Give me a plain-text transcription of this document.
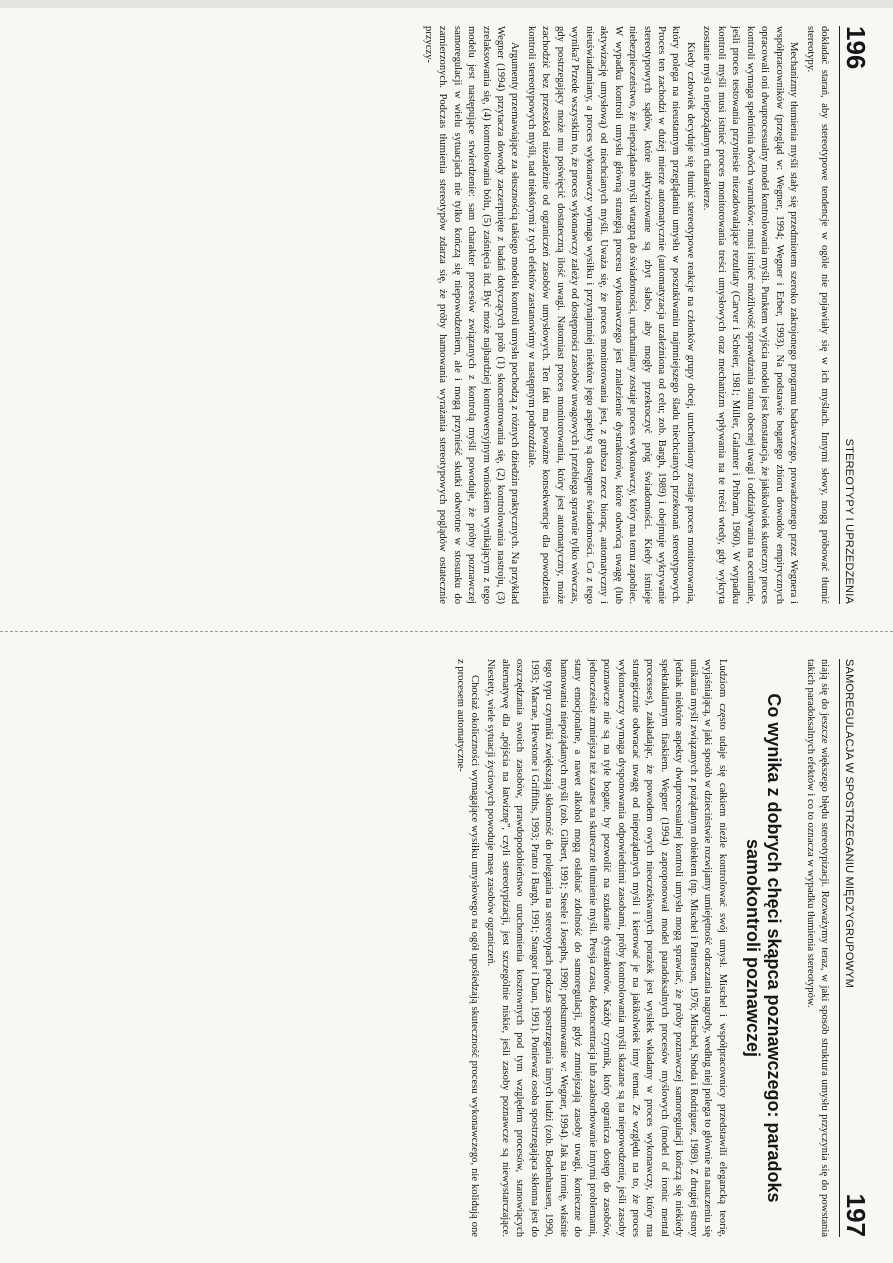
196
STEREOTYPY I UPRZEDZENIA

dokładać starań, aby stereotypowe tendencje w ogóle nie pojawiały się w ich myślach. Innymi słowy, mogą próbować tłumić stereotypy.

Mechanizmy tłumienia myśli stały się przedmiotem szeroko zakrojonego programu badawczego, prowadzonego przez Wegnera i współpracowników (przegląd w: Wegner, 1994; Wegner i Erber, 1993). Na podstawie bogatego zbioru dowodów empirycznych opracowali oni dwuprocesualny model kontrolowania myśli. Punktem wyjścia modelu jest konstatacja, że jakikolwiek skuteczny proces kontroli wymaga spełnienia dwóch warunków: musi istnieć możliwość sprawdzania stanu obecnej uwagi i oddziaływania na ocenianie, jeśli proces testowania przyniesie niezadowalające rezultaty (Carver i Scheier, 1981; Miller, Galanter i Pribram, 1960). W wypadku kontroli myśli musi istnieć proces monitorowania treści umysłowych oraz mechanizm wpływania na te treści wtedy, gdy wykryta zostanie myśl o niepożądanym charakterze.

Kiedy człowiek decyduje się tłumić stereotypowe reakcje na członków grupy obcej, uruchomiony zostaje proces monitorowania, który polega na nieustannym przeglądaniu umysłu w poszukiwaniu najmniejszego śladu niechcianych przekonań stereotypowych. Proces ten zachodzi w dużej mierze automatycznie (automatyzacja uzależniona od celu; zob. Bargh, 1989) i obejmuje wykrywanie stereotypowych sądów, które aktywizowane są zbyt słabo, aby mogły przekroczyć próg świadomości. Kiedy istnieje niebezpieczeństwo, że niepożądane myśli wtargną do świadomości, uruchamiany zostaje proces wykonawczy, który ma temu zapobiec. W wypadku kontroli umysłu główną strategią procesu wykonawczego jest znalezienie dystraktorów, które odwrócą uwagę (lub aktywizację umysłową) od niechcianych myśli. Uważa się, że proces monitorowania jest, z grubsza rzecz biorąc, automatyczny i nieuświadamiany, a proces wykonawczy wymaga wysiłku i przynajmniej niektóre jego aspekty są dostępne świadomości. Co z tego wynika? Przede wszystkim to, że proces wykonawczy zależy od dostępności zasobów uwagowych i przebiega sprawnie tylko wówczas, gdy postrzegający może mu poświęcić dostateczną ilość uwagi. Natomiast proces monitorowania, który jest automatyczny, może zachodzić bez przeszkód niezależnie od ograniczeń zasobów umysłowych. Ten fakt ma poważne konsekwencje dla powodzenia kontroli stereotypowych myśli, nad niektórymi z tych efektów zastanowimy w następnym podrozdziale.

Argumenty przemawiające za słusznością takiego modelu kontroli umysłu pochodzą z różnych dziedzin praktycznych. Na przykład Wegner (1994) przytacza dowody zaczerpnięte z badań dotyczących prób (1) skoncentrowania się, (2) kontrolowania nastroju, (3) zrelaksowania się, (4) kontrolowania bólu, (5) zaśnięcia itd. Być może najbardziej kontrowersyjnym wnioskiem wynikającym z tego modelu jest następujące stwierdzenie: sam charakter procesów związanych z kontrolą myśli powoduje, że próby poznawczej samoregulacji w wielu sytuacjach nie tylko kończą się niepowodzeniem, ale i mogą przynieść skutki odwrotne w stosunku do zamierzonych. Podczas tłumienia stereotypów zdarza się, że próby hamowania wyrażania stereotypowych poglądów ostatecznie przyczy-

SAMOREGULACJA W SPOSTRZEGANIU MIĘDZYGRUPOWYM
197

niają się do jeszcze większego błędu stereotypizacji. Rozważymy teraz, w jaki sposób struktura umysłu przyczynia się do powstania takich paradoksalnych efektów i co to oznacza w wypadku tłumienia stereotypów.

Co wynika z dobrych chęci skąpca poznawczego: paradoks samokontroli poznawczej

Ludziom często udaje się całkiem nieźle kontrolować swój umysł. Mischel i współpracownicy przedstawili elegancką teorię, wyjaśniającą, w jaki sposób w dzieciństwie rozwijamy umiejętność odraczania nagrody, według niej polega to głównie na nauczeniu się unikania myśli związanych z pożądanym obiektem (np. Mischel i Patterson, 1976; Mischel, Shoda i Rodriguez, 1989). Z drugiej strony jednak niektóre aspekty dwuprocesualnej kontroli umysłu mogą sprawiać, że próby poznawczej samoregulacji kończą się niekiedy spektakularnym fiaskiem. Wegner (1994) zaproponował model paradoksalnych procesów myślowych (model of ironic mental processes), zakładając, że powodem owych nieoczekiwanych porażek jest wysiłek wkładany w proces wykonawczy, który ma strategicznie odwracać uwagę od niepożądanych myśli i kierować je na jakikolwiek inny temat. Ze względu na to, że proces wykonawczy wymaga dysponowania odpowiednimi zasobami, próby kontrolowania myśli skazane są na niepowodzenie, jeśli zasoby poznawcze nie są na tyle bogate, by pozwolić na szukanie dystraktorów. Każdy czynnik, który ogranicza dostęp do zasobów, jednocześnie zmniejsza też szanse na skuteczne tłumienie myśli. Presja czasu, dekoncentracja lub zaabsorbowanie innymi problemami, stany emocjonalne, a nawet alkohol mogą osłabiać zdolność do samoregulacji, gdyż zmniejszają zasoby uwagi, konieczne do hamowania niepożądanych myśli (zob. Gilbert, 1991; Steele i Josephs, 1990; podsumowanie w: Wegner, 1994). Jak na ironię, właśnie tego typu czynniki zwiększają skłonność do polegania na stereotypach podczas spostrzegania innych ludzi (zob. Bodenhausen, 1990, 1993; Macrae, Hewstone i Griffiths, 1993; Pratto i Bargh, 1991; Stangor i Duan, 1991). Ponieważ osoba spostrzegająca skłonna jest do oszczędzania swoich zasobów, prawdopodobieństwo uruchomienia kosztownych pod tym względem procesów, stanowiących alternatywę dla „pójścia na łatwiznę”, czyli stereotypizacji, jest szczególnie niskie, jeśli zasoby poznawcze są niewystarczające. Niestety, wiele sytuacji życiowych powoduje masę zasobów ograniczeń.

Chociaż okoliczności wymagające wysiłku umysłowego na ogół upośledzają skuteczność procesu wykonawczego, nie kolidują one z procesem automatyczne-
